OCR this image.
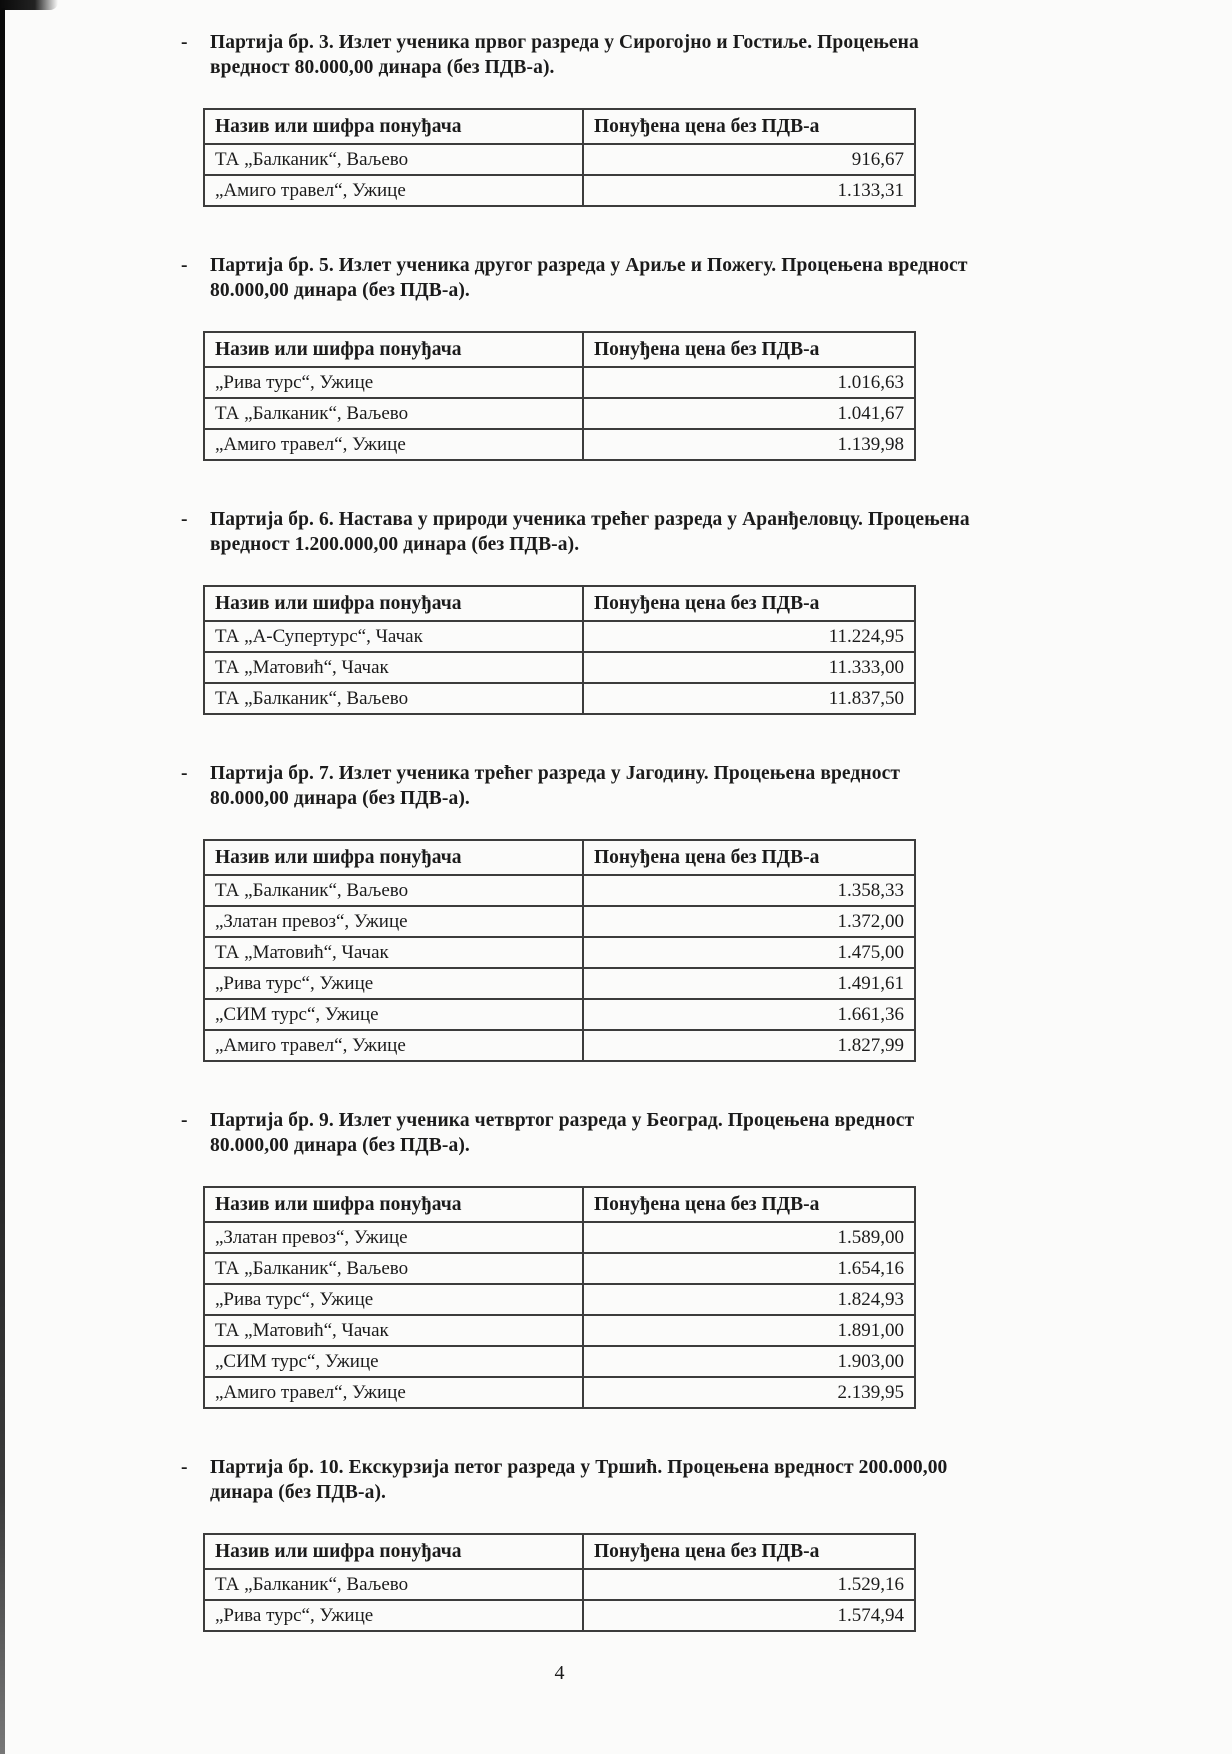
-	Партија бр. 3. Излет ученика првог разреда у Сирогојно и Гостиље. Процењена вредност 80.000,00 динара (без ПДВ-а).
Назив или шифра понуђача	Понуђена цена без ПДВ-а
ТА „Балканик“, Ваљево	916,67
„Амиго травел“, Ужице	1.133,31
-	Партија бр. 5. Излет ученика другог разреда у Ариље и Пожегу. Процењена вредност 80.000,00 динара (без ПДВ-а).
Назив или шифра понуђача	Понуђена цена без ПДВ-а
„Рива турс“, Ужице	1.016,63
ТА „Балканик“, Ваљево	1.041,67
„Амиго травел“, Ужице	1.139,98
-	Партија бр. 6. Настава у природи ученика трећег разреда у Аранђеловцу. Процењена вредност 1.200.000,00 динара (без ПДВ-а).
Назив или шифра понуђача	Понуђена цена без ПДВ-а
ТА „А-Супертурс“, Чачак	11.224,95
ТА „Матовић“, Чачак	11.333,00
ТА „Балканик“, Ваљево	11.837,50
-	Партија бр. 7. Излет ученика трећег разреда у Јагодину. Процењена вредност 80.000,00 динара (без ПДВ-а).
Назив или шифра понуђача	Понуђена цена без ПДВ-а
ТА „Балканик“, Ваљево	1.358,33
„Златан превоз“, Ужице	1.372,00
ТА „Матовић“, Чачак	1.475,00
„Рива турс“, Ужице	1.491,61
„СИМ турс“, Ужице	1.661,36
„Амиго травел“, Ужице	1.827,99
-	Партија бр. 9. Излет ученика четвртог разреда у Београд. Процењена вредност 80.000,00 динара (без ПДВ-а).
Назив или шифра понуђача	Понуђена цена без ПДВ-а
„Златан превоз“, Ужице	1.589,00
ТА „Балканик“, Ваљево	1.654,16
„Рива турс“, Ужице	1.824,93
ТА „Матовић“, Чачак	1.891,00
„СИМ турс“, Ужице	1.903,00
„Амиго травел“, Ужице	2.139,95
-	Партија бр. 10. Екскурзија петог разреда у Тршић. Процењена вредност 200.000,00 динара (без ПДВ-а).
Назив или шифра понуђача	Понуђена цена без ПДВ-а
ТА „Балканик“, Ваљево	1.529,16
„Рива турс“, Ужице	1.574,94
4
